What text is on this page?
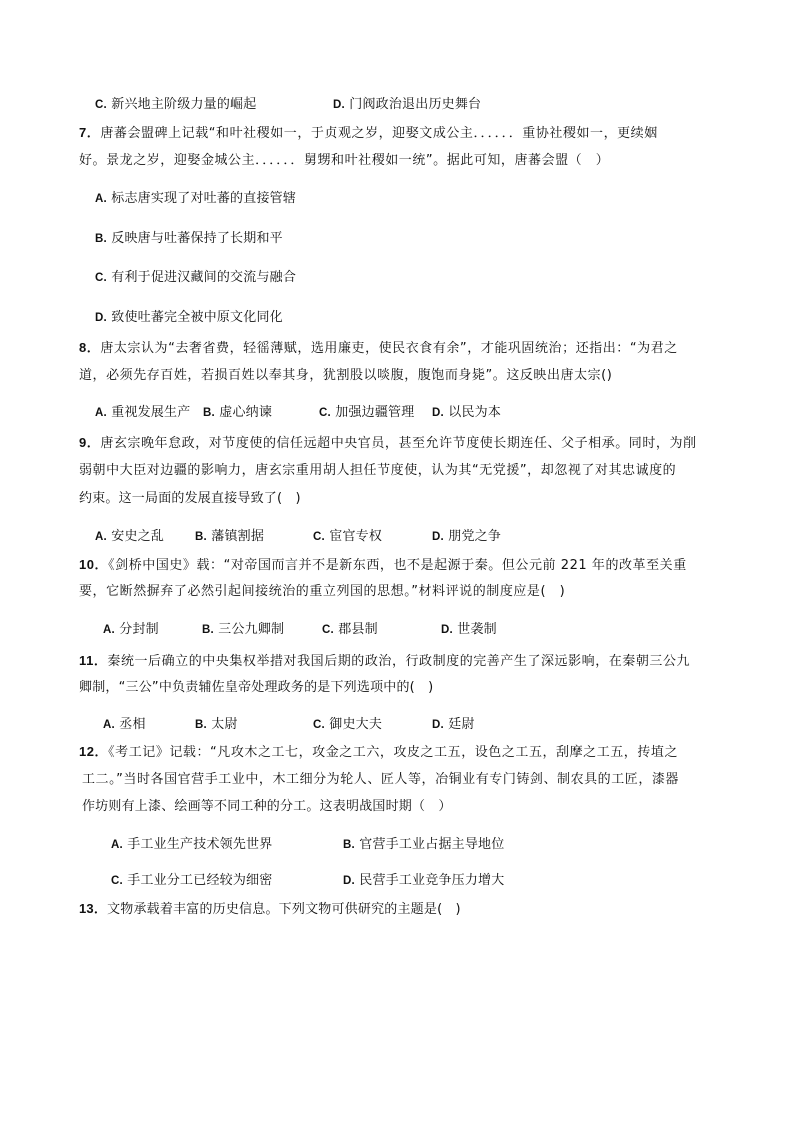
C. 新兴地主阶级力量的崛起	D. 门阀政治退出历史舞台
7．唐蕃会盟碑上记载“和叶社稷如一，于贞观之岁，迎娶文成公主．．．．．．重协社稷如一，更续姻
好。景龙之岁，迎娶金城公主．．．．．．舅甥和叶社稷如一统”。据此可知，唐蕃会盟（　）
A. 标志唐实现了对吐蕃的直接管辖
B. 反映唐与吐蕃保持了长期和平
C. 有利于促进汉藏间的交流与融合
D. 致使吐蕃完全被中原文化同化
8．唐太宗认为“去奢省费，轻徭薄赋，选用廉吏，使民衣食有余”，才能巩固统治；还指出：“为君之
道，必须先存百姓，若损百姓以奉其身，犹割股以啖腹，腹饱而身毙”。这反映出唐太宗()
A. 重视发展生产 B. 虚心纳谏	C. 加强边疆管理 D. 以民为本
9．唐玄宗晚年怠政，对节度使的信任远超中央官员，甚至允许节度使长期连任、父子相承。同时，为削
弱朝中大臣对边疆的影响力，唐玄宗重用胡人担任节度使，认为其“无党援”，却忽视了对其忠诚度的
约束。这一局面的发展直接导致了(　)
A. 安史之乱	B. 藩镇割据	C. 宦官专权	D. 朋党之争
10．《剑桥中国史》载：“对帝国而言并不是新东西，也不是起源于秦。但公元前 221 年的改革至关重
要，它断然摒弃了必然引起间接统治的重立列国的思想。”材料评说的制度应是(　)
A. 分封制	B. 三公九卿制	C. 郡县制	D. 世袭制
11．秦统一后确立的中央集权举措对我国后期的政治，行政制度的完善产生了深远影响，在秦朝三公九
卿制，“三公”中负责辅佐皇帝处理政务的是下列选项中的(　)
A. 丞相	B. 太尉	C. 御史大夫	D. 廷尉
12．《考工记》记载：“凡攻木之工七，攻金之工六，攻皮之工五，设色之工五，刮摩之工五，抟埴之
工二。”当时各国官营手工业中，木工细分为轮人、匠人等，冶铜业有专门铸剑、制农具的工匠，漆器
作坊则有上漆、绘画等不同工种的分工。这表明战国时期（　）
A. 手工业生产技术领先世界	B. 官营手工业占据主导地位
C. 手工业分工已经较为细密	D. 民营手工业竞争压力增大
13．文物承载着丰富的历史信息。下列文物可供研究的主题是(　)
